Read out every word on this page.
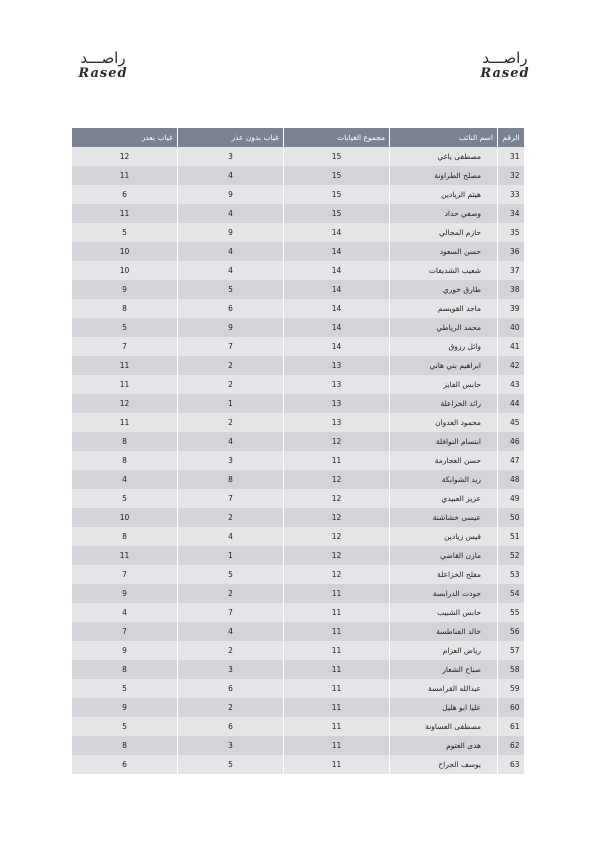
راصـــد
Rased
راصـــد
Rased
الرقم	اسم النائب	مجموع الغيابات	غياب بدون عذر	غياب بعذر
31	مصطفى ياغي	15	3	12
32	مصلح الطراونة	15	4	11
33	هيثم الزيادين	15	9	6
34	وصفي حداد	15	4	11
35	حازم المجالي	14	9	5
36	حسن السعود	14	4	10
37	شعيب الشديفات	14	4	10
38	طارق خوري	14	5	9
39	ماجد القويسم	14	6	8
40	محمد الرياطي	14	9	5
41	وائل رزوق	14	7	7
42	ابراهيم بني هاني	13	2	11
43	حابس الفايز	13	2	11
44	رائد الخزاعلة	13	1	12
45	محمود العدوان	13	2	11
46	ابتسام النوافلة	12	4	8
47	حسن العجارمة	11	3	8
48	زيد الشوابكة	12	8	4
49	عزيز العبيدي	12	7	5
50	عيسى خشاشنة	12	2	10
51	قيس زيادين	12	4	8
52	مازن القاضي	12	1	11
53	مفلح الخزاعلة	12	5	7
54	جودت الدرابسة	11	2	9
55	حابس الشبيب	11	7	4
56	خالد الفناطسة	11	4	7
57	رياض العزام	11	2	9
58	صباح الشعار	11	3	8
59	عبدالله القرامسة	11	6	5
60	عليا ابو هليل	11	2	9
61	مصطفى العساونة	11	6	5
62	هدى العتوم	11	3	8
63	يوسف الجراح	11	5	6
